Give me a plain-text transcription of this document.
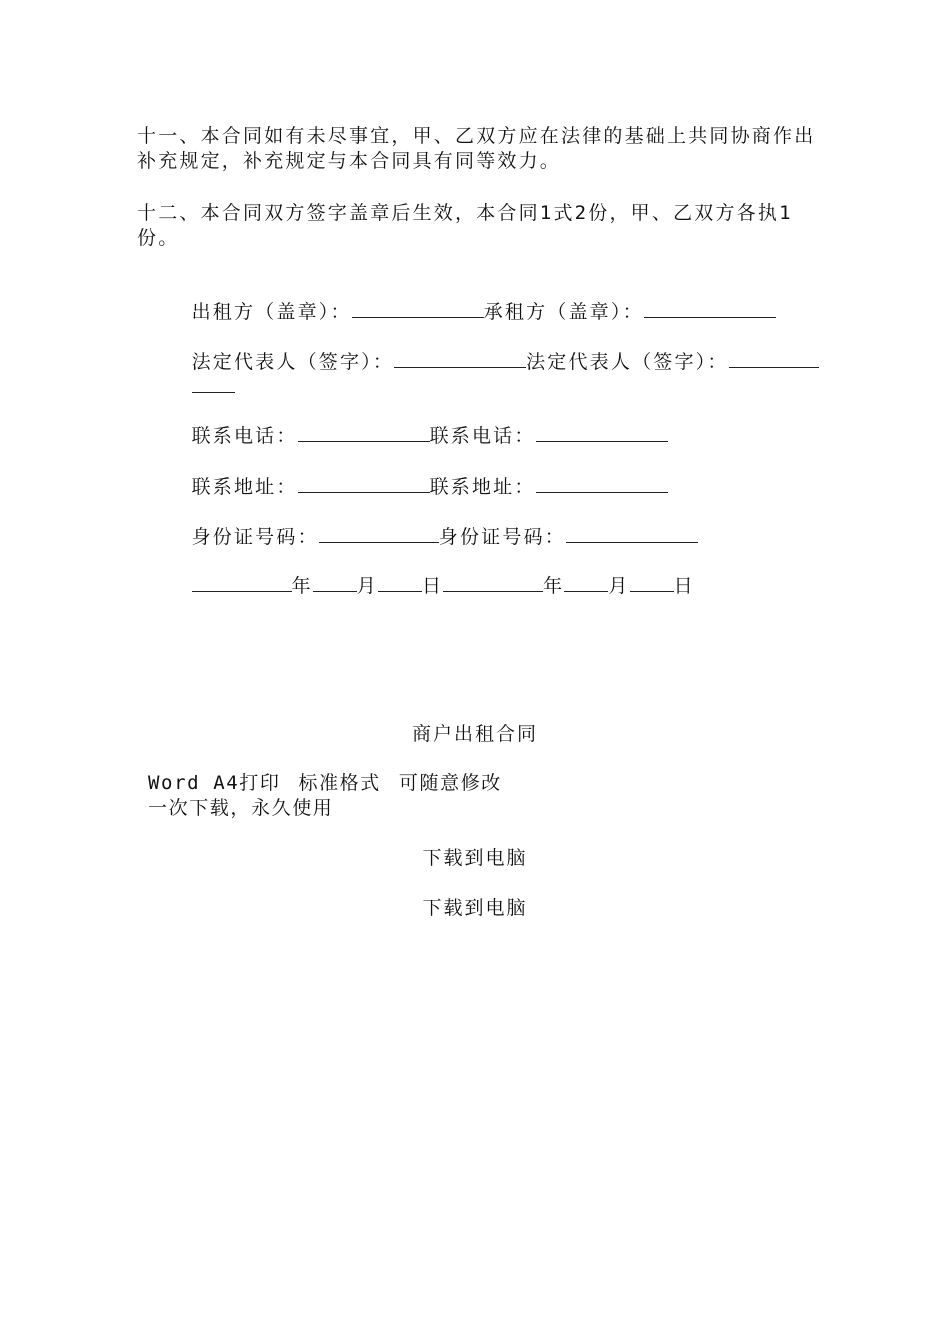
十一、本合同如有未尽事宜，甲、乙双方应在法律的基础上共同协商作出补充规定，补充规定与本合同具有同等效力。

十二、本合同双方签字盖章后生效，本合同1式2份，甲、乙双方各执1份。

出租方（盖章）：	承租方（盖章）：

法定代表人（签字）：	法定代表人（签字）：

联系电话：	联系电话：

联系地址：	联系地址：

身份证号码：	身份证号码：

年 月 日	年 月 日

商户出租合同
Word A4打印 标准格式 可随意修改
一次下载，永久使用
下载到电脑
下载到电脑
